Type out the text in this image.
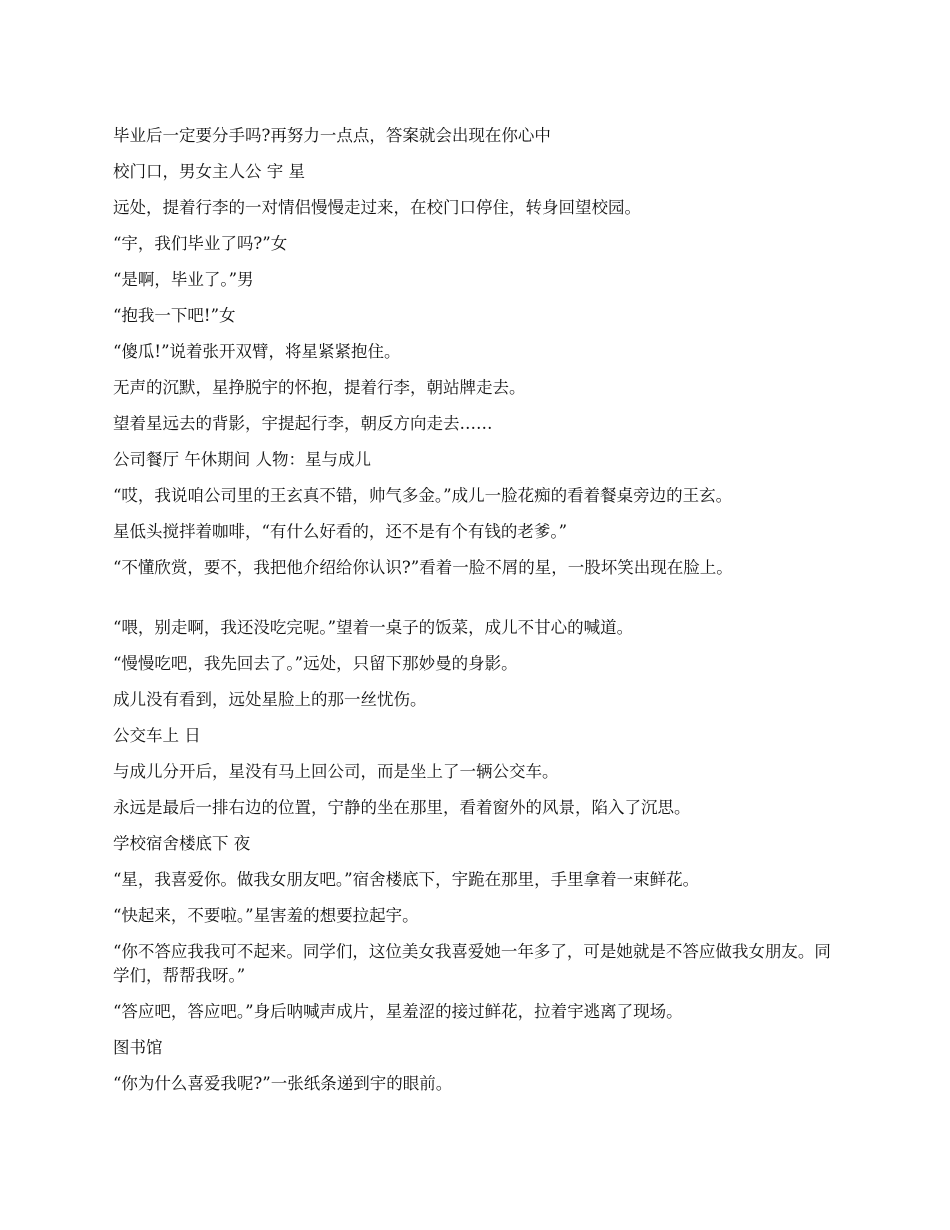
毕业后一定要分手吗?再努力一点点，答案就会出现在你心中

校门口，男女主人公 宇 星

远处，提着行李的一对情侣慢慢走过来，在校门口停住，转身回望校园。

“宇，我们毕业了吗?”女

“是啊，毕业了。”男

“抱我一下吧!”女

“傻瓜!”说着张开双臂，将星紧紧抱住。

无声的沉默，星挣脱宇的怀抱，提着行李，朝站牌走去。

望着星远去的背影，宇提起行李，朝反方向走去……

公司餐厅 午休期间 人物：星与成儿

“哎，我说咱公司里的王玄真不错，帅气多金。”成儿一脸花痴的看着餐桌旁边的王玄。

星低头搅拌着咖啡，“有什么好看的，还不是有个有钱的老爹。”

“不懂欣赏，要不，我把他介绍给你认识?”看着一脸不屑的星，一股坏笑出现在脸上。

“喂，别走啊，我还没吃完呢。”望着一桌子的饭菜，成儿不甘心的喊道。

“慢慢吃吧，我先回去了。”远处，只留下那妙曼的身影。

成儿没有看到，远处星脸上的那一丝忧伤。

公交车上 日

与成儿分开后，星没有马上回公司，而是坐上了一辆公交车。

永远是最后一排右边的位置，宁静的坐在那里，看着窗外的风景，陷入了沉思。

学校宿舍楼底下 夜

“星，我喜爱你。做我女朋友吧。”宿舍楼底下，宇跪在那里，手里拿着一束鲜花。

“快起来，不要啦。”星害羞的想要拉起宇。

“你不答应我我可不起来。同学们，这位美女我喜爱她一年多了，可是她就是不答应做我女朋友。同学们，帮帮我呀。”

“答应吧，答应吧。”身后呐喊声成片，星羞涩的接过鲜花，拉着宇逃离了现场。

图书馆

“你为什么喜爱我呢?”一张纸条递到宇的眼前。
